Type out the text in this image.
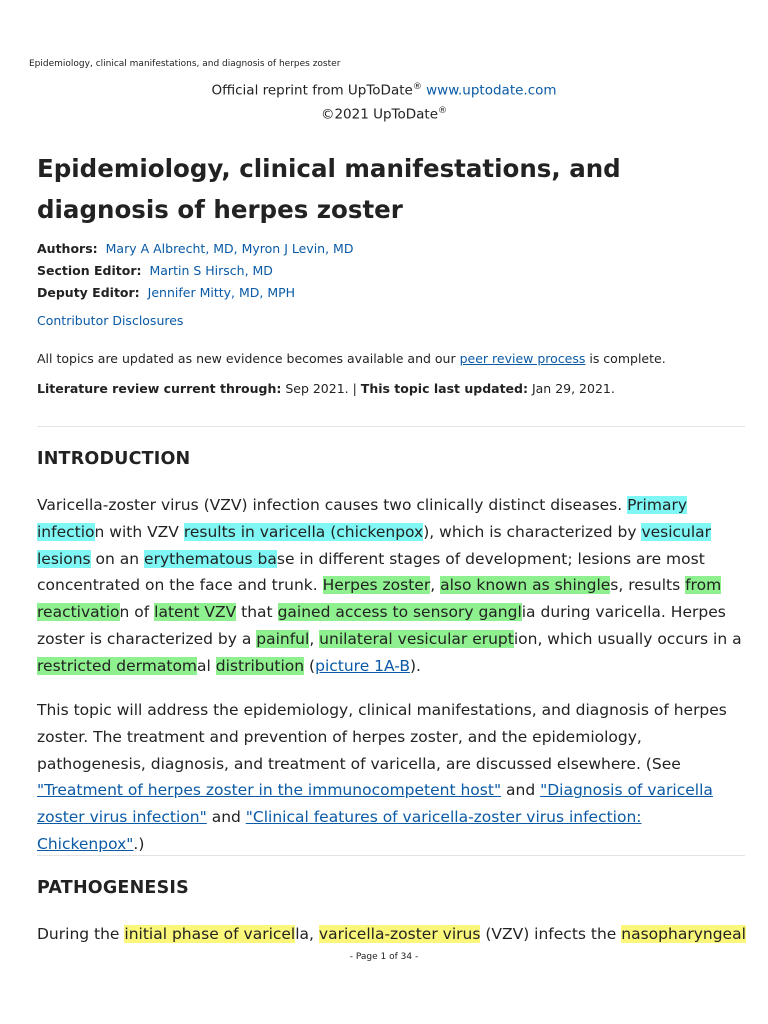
Epidemiology, clinical manifestations, and diagnosis of herpes zoster
Official reprint from UpToDate® www.uptodate.com
©2021 UpToDate®
Epidemiology, clinical manifestations, and diagnosis of herpes zoster
Authors: Mary A Albrecht, MD, Myron J Levin, MD
Section Editor: Martin S Hirsch, MD
Deputy Editor: Jennifer Mitty, MD, MPH
Contributor Disclosures
All topics are updated as new evidence becomes available and our peer review process is complete.
Literature review current through: Sep 2021. | This topic last updated: Jan 29, 2021.
INTRODUCTION

Varicella-zoster virus (VZV) infection causes two clinically distinct diseases. Primary infection with VZV results in varicella (chickenpox), which is characterized by vesicular lesions on an erythematous base in different stages of development; lesions are most concentrated on the face and trunk. Herpes zoster, also known as shingles, results from reactivation of latent VZV that gained access to sensory ganglia during varicella. Herpes zoster is characterized by a painful, unilateral vesicular eruption, which usually occurs in a restricted dermatomal distribution (picture 1A-B).

This topic will address the epidemiology, clinical manifestations, and diagnosis of herpes zoster. The treatment and prevention of herpes zoster, and the epidemiology, pathogenesis, diagnosis, and treatment of varicella, are discussed elsewhere. (See "Treatment of herpes zoster in the immunocompetent host" and "Diagnosis of varicella zoster virus infection" and "Clinical features of varicella-zoster virus infection: Chickenpox".)

PATHOGENESIS

During the initial phase of varicella, varicella-zoster virus (VZV) infects the nasopharyngeal

- Page 1 of 34 -
